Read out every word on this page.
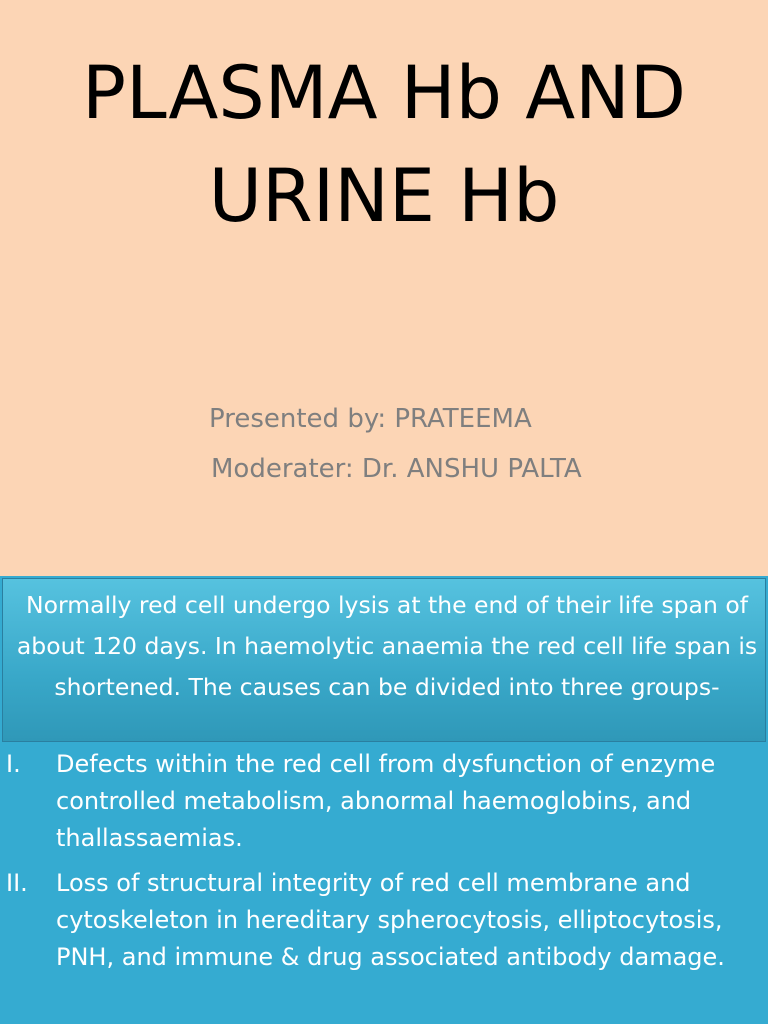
PLASMA Hb AND
URINE Hb
Presented by: PRATEEMA
Moderater: Dr. ANSHU PALTA

Normally red cell undergo lysis at the end of their life span of about 120 days. In haemolytic anaemia the red cell life span is shortened. The causes can be divided into three groups-

I. Defects within the red cell from dysfunction of enzyme controlled metabolism, abnormal haemoglobins, and thallassaemias.
II. Loss of structural integrity of red cell membrane and cytoskeleton in hereditary spherocytosis, elliptocytosis, PNH, and immune & drug associated antibody damage.
